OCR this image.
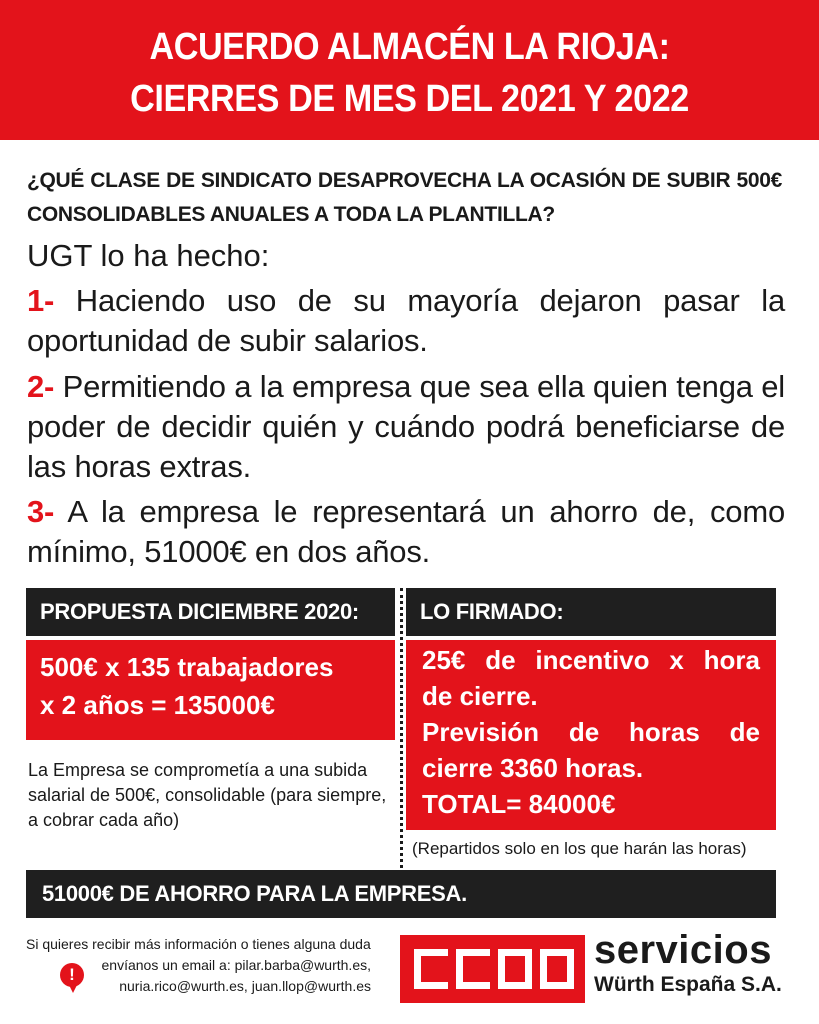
ACUERDO ALMACÉN LA RIOJA:
CIERRES DE MES DEL 2021 Y 2022
¿QUÉ CLASE DE SINDICATO DESAPROVECHA LA OCASIÓN DE SUBIR 500€ CONSOLIDABLES ANUALES A TODA LA PLANTILLA?
UGT lo ha hecho:
1- Haciendo uso de su mayoría dejaron pasar la oportunidad de subir salarios.
2- Permitiendo a la empresa que sea ella quien tenga el poder de decidir quién y cuándo podrá beneficiarse de las horas extras.
3- A la empresa le representará un ahorro de, como mínimo, 51000€ en dos años.
PROPUESTA DICIEMBRE 2020:
500€ x 135 trabajadores
x 2 años = 135000€
La Empresa se comprometía a una subida salarial de 500€, consolidable (para siempre, a cobrar cada año)
LO FIRMADO:
25€ de incentivo x hora
de cierre.
Previsión de horas de
cierre 3360 horas.
TOTAL= 84000€
(Repartidos solo en los que harán las horas)
51000€ DE AHORRO PARA LA EMPRESA.
Si quieres recibir más información o tienes alguna duda
envíanos un email a: pilar.barba@wurth.es,
nuria.rico@wurth.es, juan.llop@wurth.es
!
servicios
Würth España S.A.
